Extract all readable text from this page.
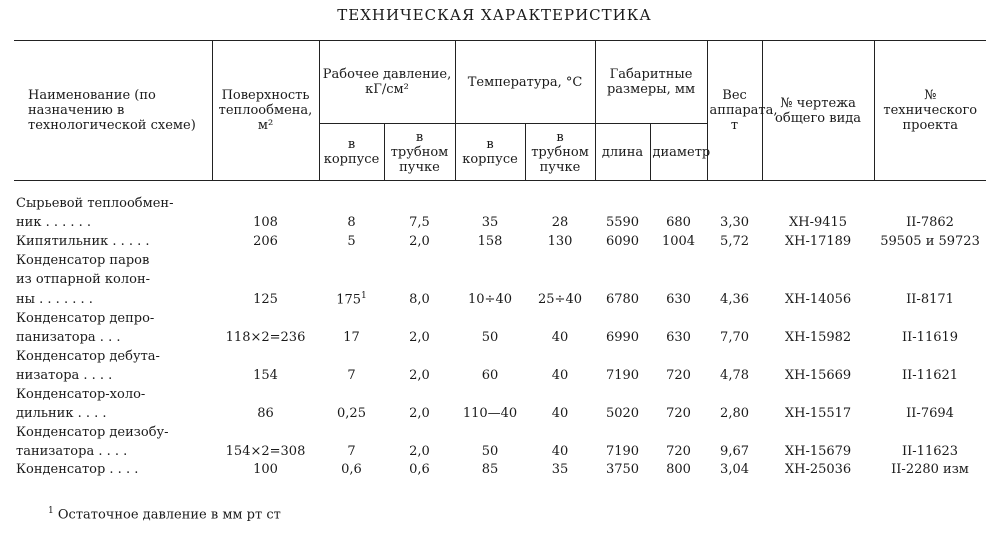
ТЕХНИЧЕСКАЯ ХАРАКТЕРИСТИКА
Наименование (по назначению в технологической схеме)	Поверхность теплообмена, м²	Рабочее давление, кГ/см²		Температура, °С		Габаритные размеры, мм		Вес аппарата, т	№ чертежа общего вида	№ технического проекта
		в корпусе	в трубном пучке	в корпусе	в трубном пучке	длина	диаметр			

Сырьевой теплообмен-										
ник . . . . . .	108	8	7,5	35	28	5590	680	3,30	ХН-9415	II-7862
Кипятильник . . . . .	206	5	2,0	158	130	6090	1004	5,72	ХН-17189	59505 и 59723
Конденсатор паров										
из отпарной колон-										
ны . . . . . . .	125	$175^1$	8,0	10÷40	25÷40	6780	630	4,36	ХН-14056	II-8171
Конденсатор депро-										
панизатора . . .	118×2=236	17	2,0	50	40	6990	630	7,70	ХН-15982	II-11619
Конденсатор дебута-										
низатора . . . .	154	7	2,0	60	40	7190	720	4,78	ХН-15669	II-11621
Конденсатор-холо-										
дильник . . . .	86	0,25	2,0	110—40	40	5020	720	2,80	ХН-15517	II-7694
Конденсатор деизобу-										
танизатора . . . .	154×2=308	7	2,0	50	40	7190	720	9,67	ХН-15679	II-11623
Конденсатор . . . .	100	0,6	0,6	85	35	3750	800	3,04	ХН-25036	II-2280 изм
$^1$ Остаточное давление в мм рт ст
